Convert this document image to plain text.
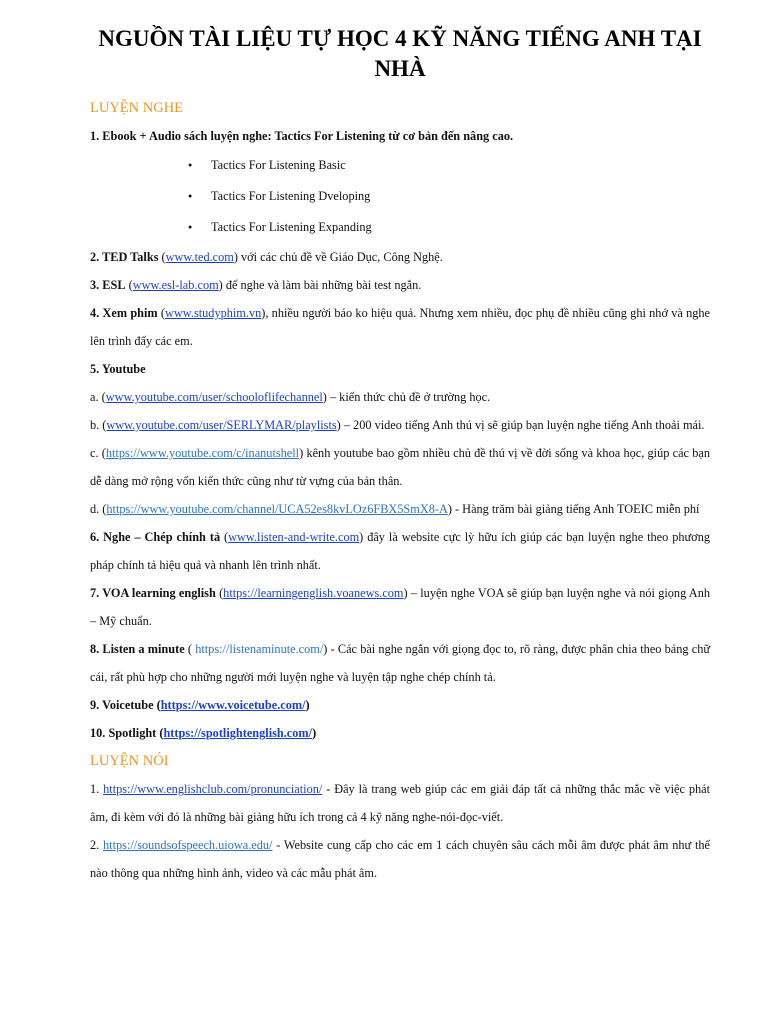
NGUỒN TÀI LIỆU TỰ HỌC 4 KỸ NĂNG TIẾNG ANH TẠI NHÀ
LUYỆN NGHE

1. Ebook + Audio sách luyện nghe: Tactics For Listening từ cơ bản đến nâng cao.

● Tactics For Listening Basic
● Tactics For Listening Dveloping
● Tactics For Listening Expanding

2. TED Talks (www.ted.com) với các chủ đề về Giáo Dục, Công Nghệ.

3. ESL (www.esl-lab.com) để nghe và làm bài những bài test ngắn.

4. Xem phim (www.studyphim.vn), nhiều người báo ko hiệu quả. Nhưng xem nhiều, đọc phụ đề nhiều cũng ghi nhớ và nghe lên trình đấy các em.

5. Youtube

a. (www.youtube.com/user/schooloflifechannel) – kiến thức chủ đề ở trường học.

b. (www.youtube.com/user/SERLYMAR/playlists) – 200 video tiếng Anh thú vị sẽ giúp bạn luyện nghe tiếng Anh thoải mái.

c. (https://www.youtube.com/c/inanutshell) kênh youtube bao gồm nhiều chủ đề thú vị về đời sống và khoa học, giúp các bạn dễ dàng mở rộng vốn kiến thức cũng như từ vựng của bản thân.

d. (https://www.youtube.com/channel/UCA52es8kvLOz6FBX5SmX8-A) - Hàng trăm bài giảng tiếng Anh TOEIC miễn phí

6. Nghe – Chép chính tả (www.listen-and-write.com) đây là website cực lỳ hữu ích giúp các bạn luyện nghe theo phương pháp chính tả hiệu quả và nhanh lên trình nhất.

7. VOA learning english (https://learningenglish.voanews.com) – luyện nghe VOA sẽ giúp bạn luyện nghe và nói giọng Anh – Mỹ chuẩn.

8. Listen a minute ( https://listenaminute.com/) - Các bài nghe ngắn với giọng đọc to, rõ ràng, được phân chia theo bảng chữ cái, rất phù hợp cho những người mới luyện nghe và luyện tập nghe chép chính tả.

9. Voicetube (https://www.voicetube.com/)

10. Spotlight (https://spotlightenglish.com/)

LUYỆN NÓI

1. https://www.englishclub.com/pronunciation/ - Đây là trang web giúp các em giải đáp tất cả những thắc mắc về việc phát âm, đi kèm với đó là những bài giảng hữu ích trong cả 4 kỹ năng nghe-nói-đọc-viết.

2. https://soundsofspeech.uiowa.edu/ - Website cung cấp cho các em 1 cách chuyên sâu cách mỗi âm được phát âm như thế nào thông qua những hình ảnh, video và các mẫu phát âm.
